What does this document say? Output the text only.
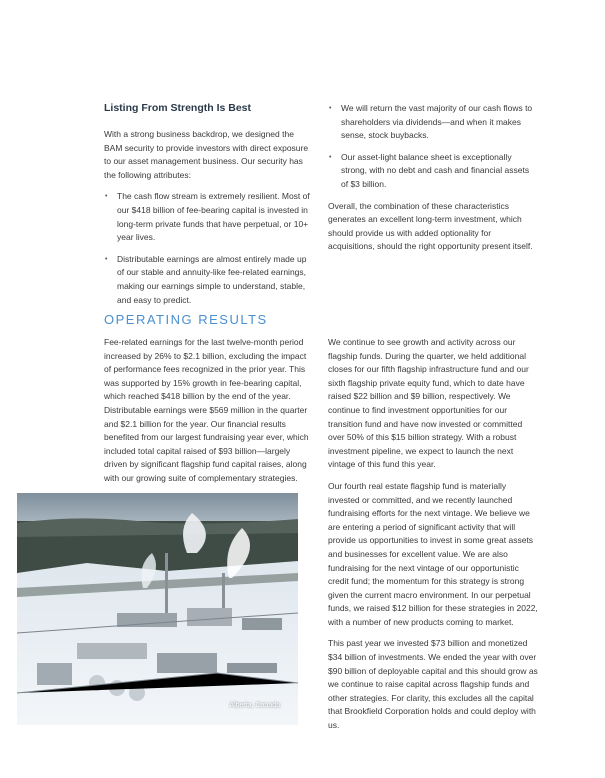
Listing From Strength Is Best

With a strong business backdrop, we designed the BAM security to provide investors with direct exposure to our asset management business. Our security has the following attributes:

• The cash flow stream is extremely resilient. Most of our $418 billion of fee-bearing capital is invested in long-term private funds that have perpetual, or 10+ year lives.
• Distributable earnings are almost entirely made up of our stable and annuity-like fee-related earnings, making our earnings simple to understand, stable, and easy to predict.
• We will return the vast majority of our cash flows to shareholders via dividends—and when it makes sense, stock buybacks.
• Our asset-light balance sheet is exceptionally strong, with no debt and cash and financial assets of $3 billion.

Overall, the combination of these characteristics generates an excellent long-term investment, which should provide us with added optionality for acquisitions, should the right opportunity present itself.

OPERATING RESULTS

Fee-related earnings for the last twelve-month period increased by 26% to $2.1 billion, excluding the impact of performance fees recognized in the prior year. This was supported by 15% growth in fee-bearing capital, which reached $418 billion by the end of the year. Distributable earnings were $569 million in the quarter and $2.1 billion for the year. Our financial results benefited from our largest fundraising year ever, which included total capital raised of $93 billion—largely driven by significant flagship fund capital raises, along with our growing suite of complementary strategies.

We continue to see growth and activity across our flagship funds. During the quarter, we held additional closes for our fifth flagship infrastructure fund and our sixth flagship private equity fund, which to date have raised $22 billion and $9 billion, respectively. We continue to find investment opportunities for our transition fund and have now invested or committed over 50% of this $15 billion strategy. With a robust investment pipeline, we expect to launch the next vintage of this fund this year.

Our fourth real estate flagship fund is materially invested or committed, and we recently launched fundraising efforts for the next vintage. We believe we are entering a period of significant activity that will provide us opportunities to invest in some great assets and businesses for excellent value. We are also fundraising for the next vintage of our opportunistic credit fund; the momentum for this strategy is strong given the current macro environment. In our perpetual funds, we raised $12 billion for these strategies in 2022, with a number of new products coming to market.

This past year we invested $73 billion and monetized $34 billion of investments. We ended the year with over $90 billion of deployable capital and this should grow as we continue to raise capital across flagship funds and other strategies. For clarity, this excludes all the capital that Brookfield Corporation holds and could deploy with us.

Alberta, Canada
